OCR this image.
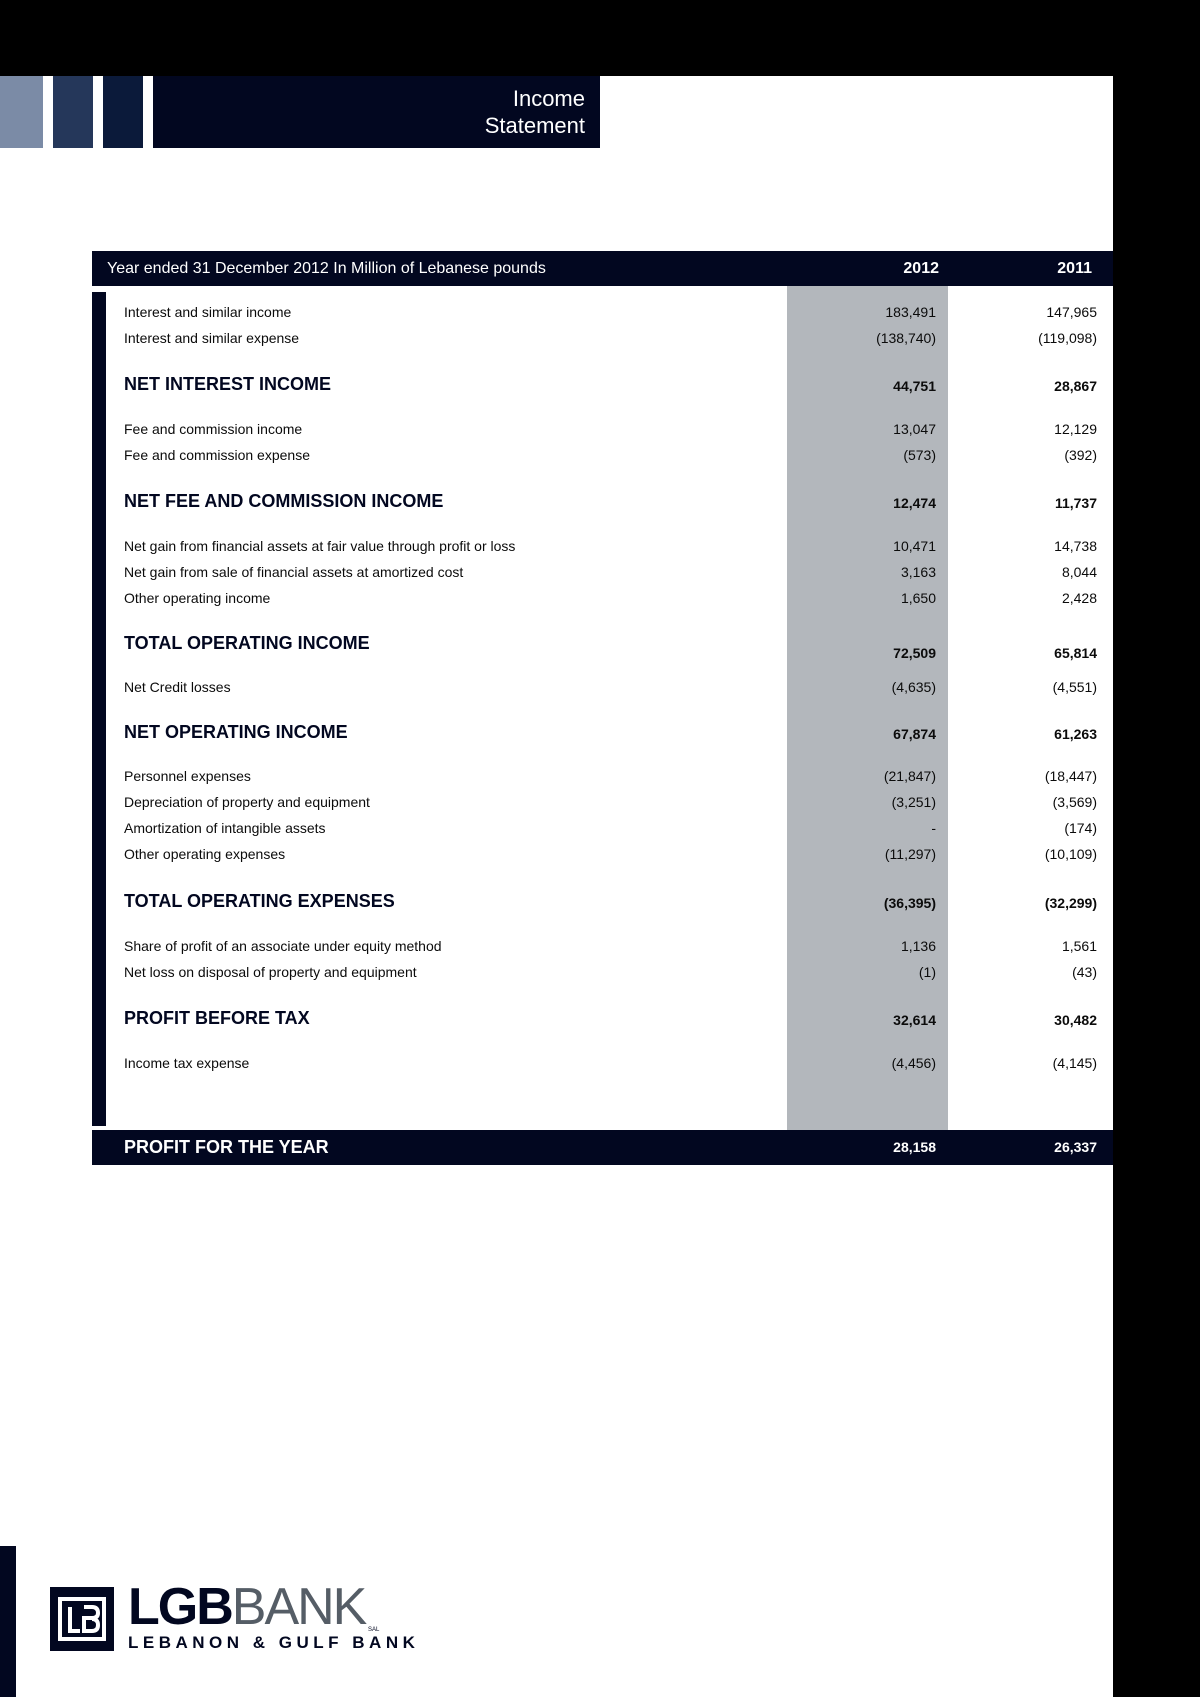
Income
Statement
Year ended 31 December 2012 In Million of Lebanese pounds	2012	2011
Interest and similar income	183,491	147,965
Interest and similar expense	(138,740)	(119,098)
NET INTEREST INCOME	44,751	28,867
Fee and commission income	13,047	12,129
Fee and commission expense	(573)	(392)
NET FEE AND COMMISSION INCOME	12,474	11,737
Net gain from financial assets at fair value through profit or loss	10,471	14,738
Net gain from sale of financial assets at amortized cost	3,163	8,044
Other operating income	1,650	2,428
TOTAL OPERATING INCOME	72,509	65,814
Net Credit losses	(4,635)	(4,551)
NET OPERATING INCOME	67,874	61,263
Personnel expenses	(21,847)	(18,447)
Depreciation of property and equipment	(3,251)	(3,569)
Amortization of intangible assets	-	(174)
Other operating expenses	(11,297)	(10,109)
TOTAL OPERATING EXPENSES	(36,395)	(32,299)
Share of profit of an associate under equity method	1,136	1,561
Net loss on disposal of property and equipment	(1)	(43)
PROFIT BEFORE TAX	32,614	30,482
Income tax expense	(4,456)	(4,145)
PROFIT FOR THE YEAR	28,158	26,337
LGBBANK
LEBANON & GULF BANK
SAL
